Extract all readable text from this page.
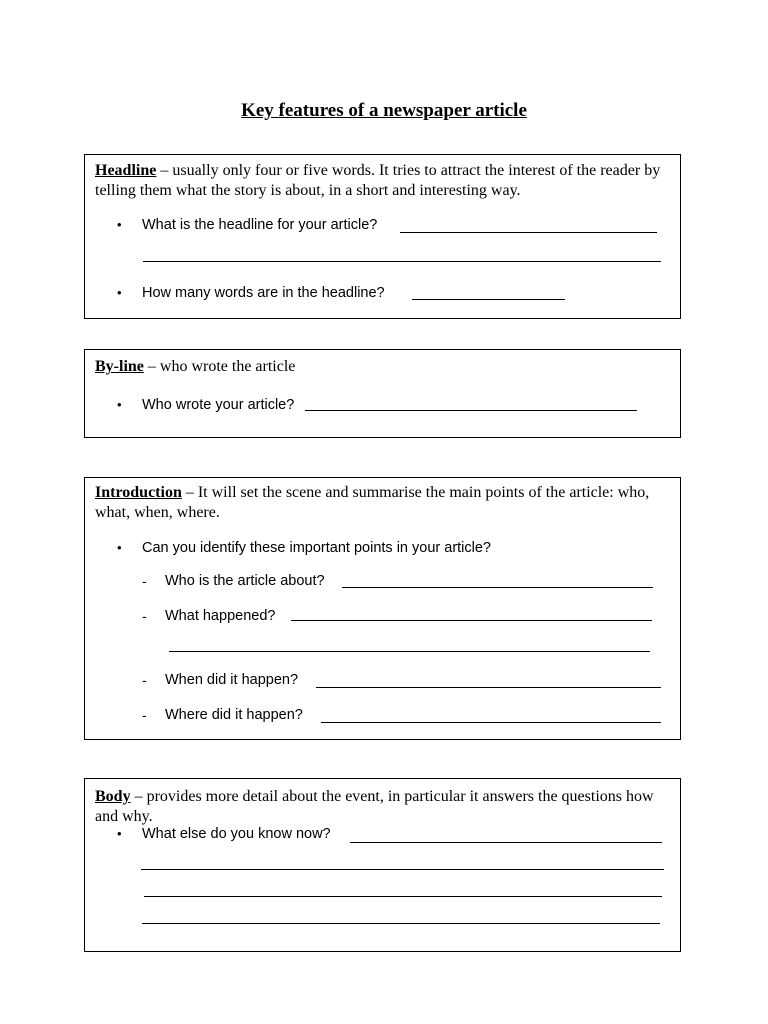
Key features of a newspaper article

Headline – usually only four or five words. It tries to attract the interest of the reader by telling them what the story is about, in a short and interesting way.

• What is the headline for your article?
• How many words are in the headline?

By-line – who wrote the article

• Who wrote your article?

Introduction – It will set the scene and summarise the main points of the article: who, what, when, where.

• Can you identify these important points in your article?
- Who is the article about?
- What happened?
- When did it happen?
- Where did it happen?

Body – provides more detail about the event, in particular it answers the questions how and why.

• What else do you know now?
